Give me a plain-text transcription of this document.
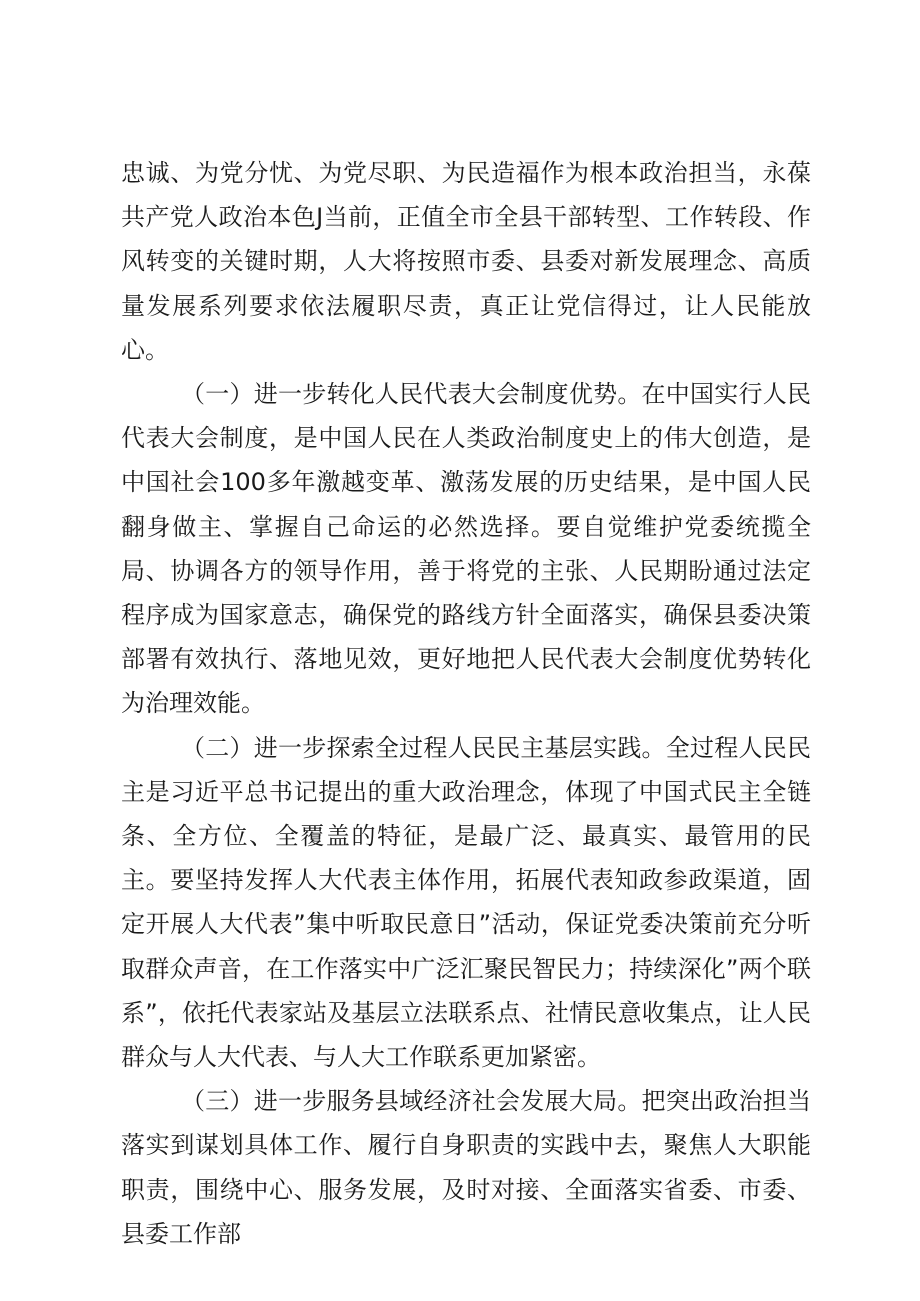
忠诚、为党分忧、为党尽职、为民造福作为根本政治担当，永葆共产党人政治本色J当前，正值全市全县干部转型、工作转段、作风转变的关键时期，人大将按照市委、县委对新发展理念、高质量发展系列要求依法履职尽责，真正让党信得过，让人民能放心。

（一）进一步转化人民代表大会制度优势。在中国实行人民代表大会制度，是中国人民在人类政治制度史上的伟大创造，是中国社会100多年激越变革、激荡发展的历史结果，是中国人民翻身做主、掌握自己命运的必然选择。要自觉维护党委统揽全局、协调各方的领导作用，善于将党的主张、人民期盼通过法定程序成为国家意志，确保党的路线方针全面落实，确保县委决策部署有效执行、落地见效，更好地把人民代表大会制度优势转化为治理效能。

（二）进一步探索全过程人民民主基层实践。全过程人民民主是习近平总书记提出的重大政治理念，体现了中国式民主全链条、全方位、全覆盖的特征，是最广泛、最真实、最管用的民主。要坚持发挥人大代表主体作用，拓展代表知政参政渠道，固定开展人大代表”集中听取民意日”活动，保证党委决策前充分听取群众声音，在工作落实中广泛汇聚民智民力；持续深化”两个联系”，依托代表家站及基层立法联系点、社情民意收集点，让人民群众与人大代表、与人大工作联系更加紧密。

（三）进一步服务县域经济社会发展大局。把突出政治担当落实到谋划具体工作、履行自身职责的实践中去，聚焦人大职能职责，围绕中心、服务发展，及时对接、全面落实省委、市委、县委工作部
